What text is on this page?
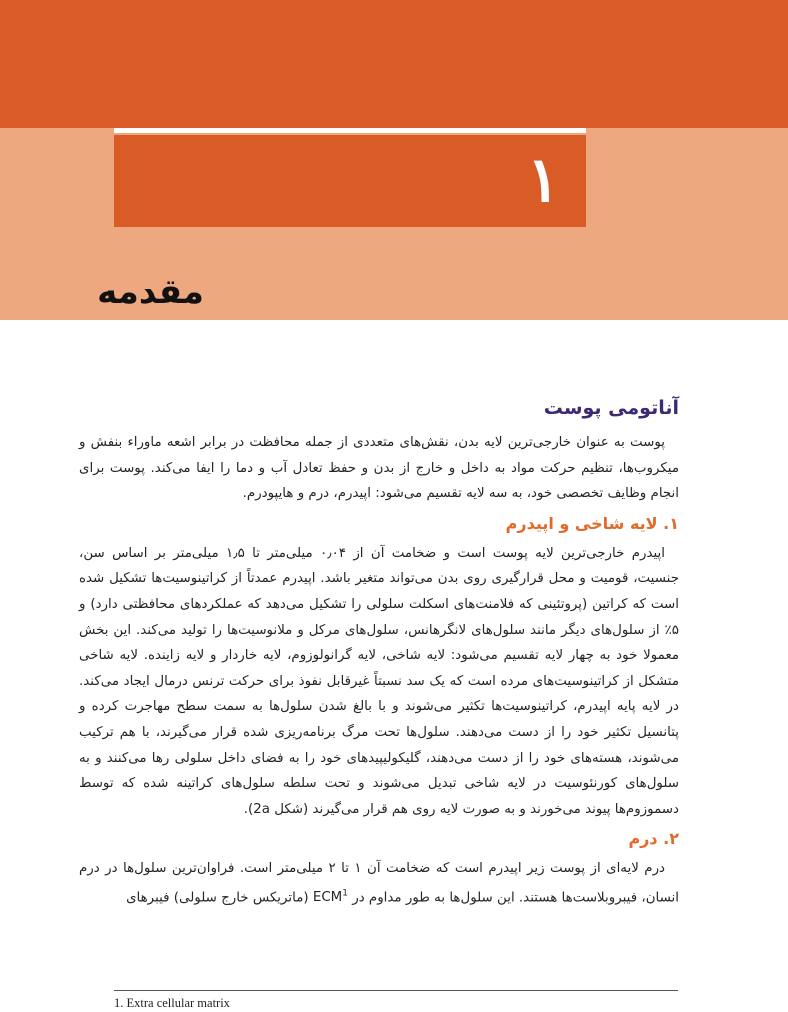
۱
مقدمه
آناتومی پوست

پوست به عنوان خارجی‌ترین لایه بدن، نقش‌های متعددی از جمله محافظت در برابر اشعه ماوراء بنفش و میکروب‌ها، تنظیم حرکت مواد به داخل و خارج از بدن و حفظ تعادل آب و دما را ایفا می‌کند. پوست برای انجام وظایف تخصصی خود، به سه لایه تقسیم می‌شود: اپیدرم، درم و هایپودرم.

۱. لایه شاخی و اپیدرم

اپیدرم خارجی‌ترین لایه پوست است و ضخامت آن از ۰٫۰۴ میلی‌متر تا ۱٫۵ میلی‌متر بر اساس سن، جنسیت، قومیت و محل قرارگیری روی بدن می‌تواند متغیر باشد. اپیدرم عمدتاً از کراتینوسیت‌ها تشکیل شده است که کراتین (پروتئینی که فلامنت‌های اسکلت سلولی را تشکیل می‌دهد که عملکردهای محافظتی دارد) و ۵٪ از سلول‌های دیگر مانند سلول‌های لانگرهانس، سلول‌های مرکل و ملانوسیت‌ها را تولید می‌کند. این بخش معمولا خود به چهار لایه تقسیم می‌شود: لایه شاخی، لایه گرانولوزوم، لایه خاردار و لایه زاینده. لایه شاخی متشکل از کراتینوسیت‌های مرده است که یک سد نسبتاً غیرقابل نفوذ برای حرکت ترنس درمال ایجاد می‌کند. در لایه پایه اپیدرم، کراتینوسیت‌ها تکثیر می‌شوند و با بالغ شدن سلول‌ها به سمت سطح مهاجرت کرده و پتانسیل تکثیر خود را از دست می‌دهند. سلول‌ها تحت مرگ برنامه‌ریزی شده قرار می‌گیرند، با هم ترکیب می‌شوند، هسته‌های خود را از دست می‌دهند، گلیکولیپیدهای خود را به فضای داخل سلولی رها می‌کنند و به سلول‌های کورنئوسیت در لایه شاخی تبدیل می‌شوند و تحت سلطه سلول‌های کراتینه شده که توسط دسموزوم‌ها پیوند می‌خورند و به صورت لایه روی هم قرار می‌گیرند (شکل 2a).

۲. درم

درم لایه‌ای از پوست زیر اپیدرم است که ضخامت آن ۱ تا ۲ میلی‌متر است. فراوان‌ترین سلول‌ها در درم انسان، فیبروبلاست‌ها هستند. این سلول‌ها به طور مداوم در ECM$^1$ (ماتریکس خارج سلولی) فیبرهای

1. Extra cellular matrix
